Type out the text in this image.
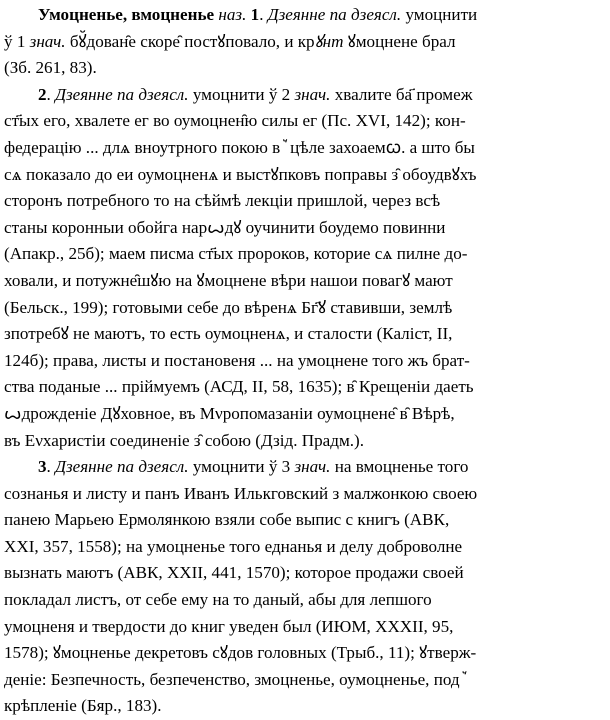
Умоцненье, вмоцненье наз. 1. Дзеянне па дзеясл. умоцнити
ў 1 знач. бꙋ̆дован̑е скоре̑ постꙋповало, и крꙋнт ꙋмоцнене брал
(Зб. 261, 83).
2. Дзеянне па дзеясл. умоцнити ў 2 знач. хвалите ба҃ промеж
ст҃ых его, хвалете ег во оумоцнен̑ю силы ег (Пс. XVI, 142); кон-
федерацію ... длѧ вноутрного покою вꙿцѣле захоаемꙍ. а што бы
сѧ показало до еи оумоцненѧ и выстꙋпковъ поправы з̑ обоудвꙋхъ
сторонъ потребного то на сѣймѣ лекціи пришлой, через всѣ
станы коронныи обойга нарꙍдꙋ оучинити боудемо повинни
(Апакр., 25б); маем писма ст҃ых пророков, которие сѧ пилне до-
ховали, и потужне̑шꙋю на ꙋмоцнене вѣри нашои повагꙋ мают
(Бельск., 199); готовыми себе до вѣренѧ Бг҃ꙋ ставивши, землѣ
зпотребꙋ не маютъ, то есть оумоцненѧ, и сталости (Каліст, II,
124б); права, листы и постановеня ... на умоцнене того жъ брат-
ства поданые ... пріймуемъ (АСД, II, 58, 1635); в̑ Крещеніи даеть
ꙍдрожденіе Дꙋховное, въ Мνропомазаніи оумоцнене̑ в̑ Вѣрѣ,
въ Еνхаристіи соединеніе з̑ собою (Дзід. Прадм.).
3. Дзеянне па дзеясл. умоцнити ў 3 знач. на вмоцненье того
сознанья и листу и панъ Иванъ Илькговский з малжонкою своею
панею Марьею Ермолянкою взяли собе выпис с книгъ (АВК,
XXI, 357, 1558); на умоцненье того еднанья и делу доброволне
вызнать маютъ (АВК, XXII, 441, 1570); которое продажи своей
покладал листъ, от себе ему на то даный, абы для лепшого
умоцненя и твердости до книг уведен был (ИЮМ, XXXII, 95,
1578); ꙋмоцненье декретовъ сꙋдов головных (Трыб., 11); ꙋтверж-
деніе: Безпечность, безпеченство, змоцненье, оумоцненье, подꙿ
крѣпленіе (Бяр., 183).
